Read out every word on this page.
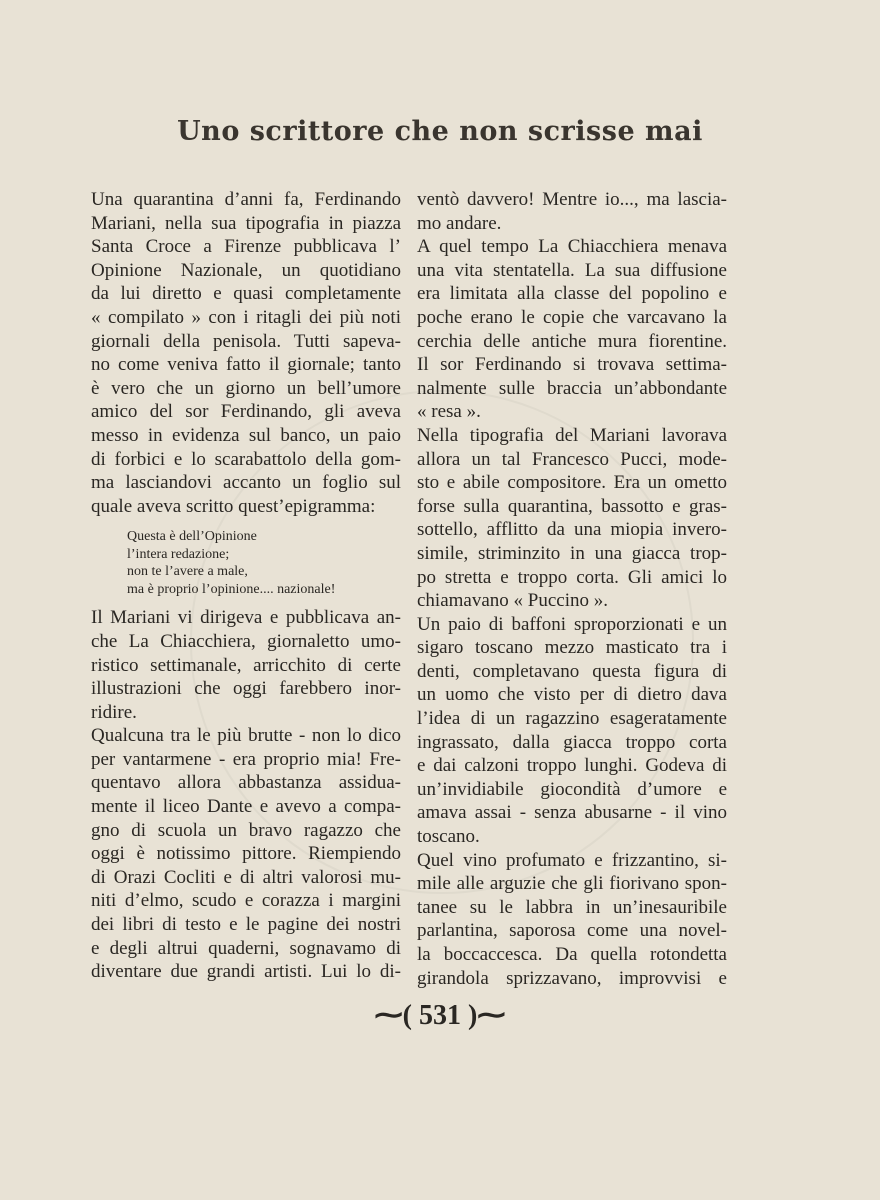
Uno scrittore che non scrisse mai

Una quarantina d’anni fa, Ferdinando
Mariani, nella sua tipografia in piazza
Santa Croce a Firenze pubblicava l’
Opinione Nazionale, un quotidiano
da lui diretto e quasi completamente
« compilato » con i ritagli dei più noti
giornali della penisola. Tutti sapeva-
no come veniva fatto il giornale; tanto
è vero che un giorno un bell’umore
amico del sor Ferdinando, gli aveva
messo in evidenza sul banco, un paio
di forbici e lo scarabattolo della gom-
ma lasciandovi accanto un foglio sul
quale aveva scritto quest’epigramma:

Questa è dell’Opinione
l’intera redazione;
non te l’avere a male,
ma è proprio l’opinione.... nazionale!

Il Mariani vi dirigeva e pubblicava an-
che La Chiacchiera, giornaletto umo-
ristico settimanale, arricchito di certe
illustrazioni che oggi farebbero inor-
ridire.

Qualcuna tra le più brutte - non lo dico
per vantarmene - era proprio mia! Fre-
quentavo allora abbastanza assidua-
mente il liceo Dante e avevo a compa-
gno di scuola un bravo ragazzo che
oggi è notissimo pittore. Riempiendo
di Orazi Cocliti e di altri valorosi mu-
niti d’elmo, scudo e corazza i margini
dei libri di testo e le pagine dei nostri
e degli altrui quaderni, sognavamo di
diventare due grandi artisti. Lui lo di-

ventò davvero! Mentre io..., ma lascia-
mo andare.

A quel tempo La Chiacchiera menava
una vita stentatella. La sua diffusione
era limitata alla classe del popolino e
poche erano le copie che varcavano la
cerchia delle antiche mura fiorentine.
Il sor Ferdinando si trovava settima-
nalmente sulle braccia un’abbondante
« resa ».

Nella tipografia del Mariani lavorava
allora un tal Francesco Pucci, mode-
sto e abile compositore. Era un ometto
forse sulla quarantina, bassotto e gras-
sottello, afflitto da una miopia invero-
simile, striminzito in una giacca trop-
po stretta e troppo corta. Gli amici lo
chiamavano « Puccino ».

Un paio di baffoni sproporzionati e un
sigaro toscano mezzo masticato tra i
denti, completavano questa figura di
un uomo che visto per di dietro dava
l’idea di un ragazzino esageratamente
ingrassato, dalla giacca troppo corta
e dai calzoni troppo lunghi. Godeva di
un’invidiabile giocondità d’umore e
amava assai - senza abusarne - il vino
toscano.

Quel vino profumato e frizzantino, si-
mile alle arguzie che gli fiorivano spon-
tanee su le labbra in un’inesauribile
parlantina, saporosa come una novel-
la boccaccesca. Da quella rotondetta
girandola sprizzavano, improvvisi e

⁓( 531 )⁓
